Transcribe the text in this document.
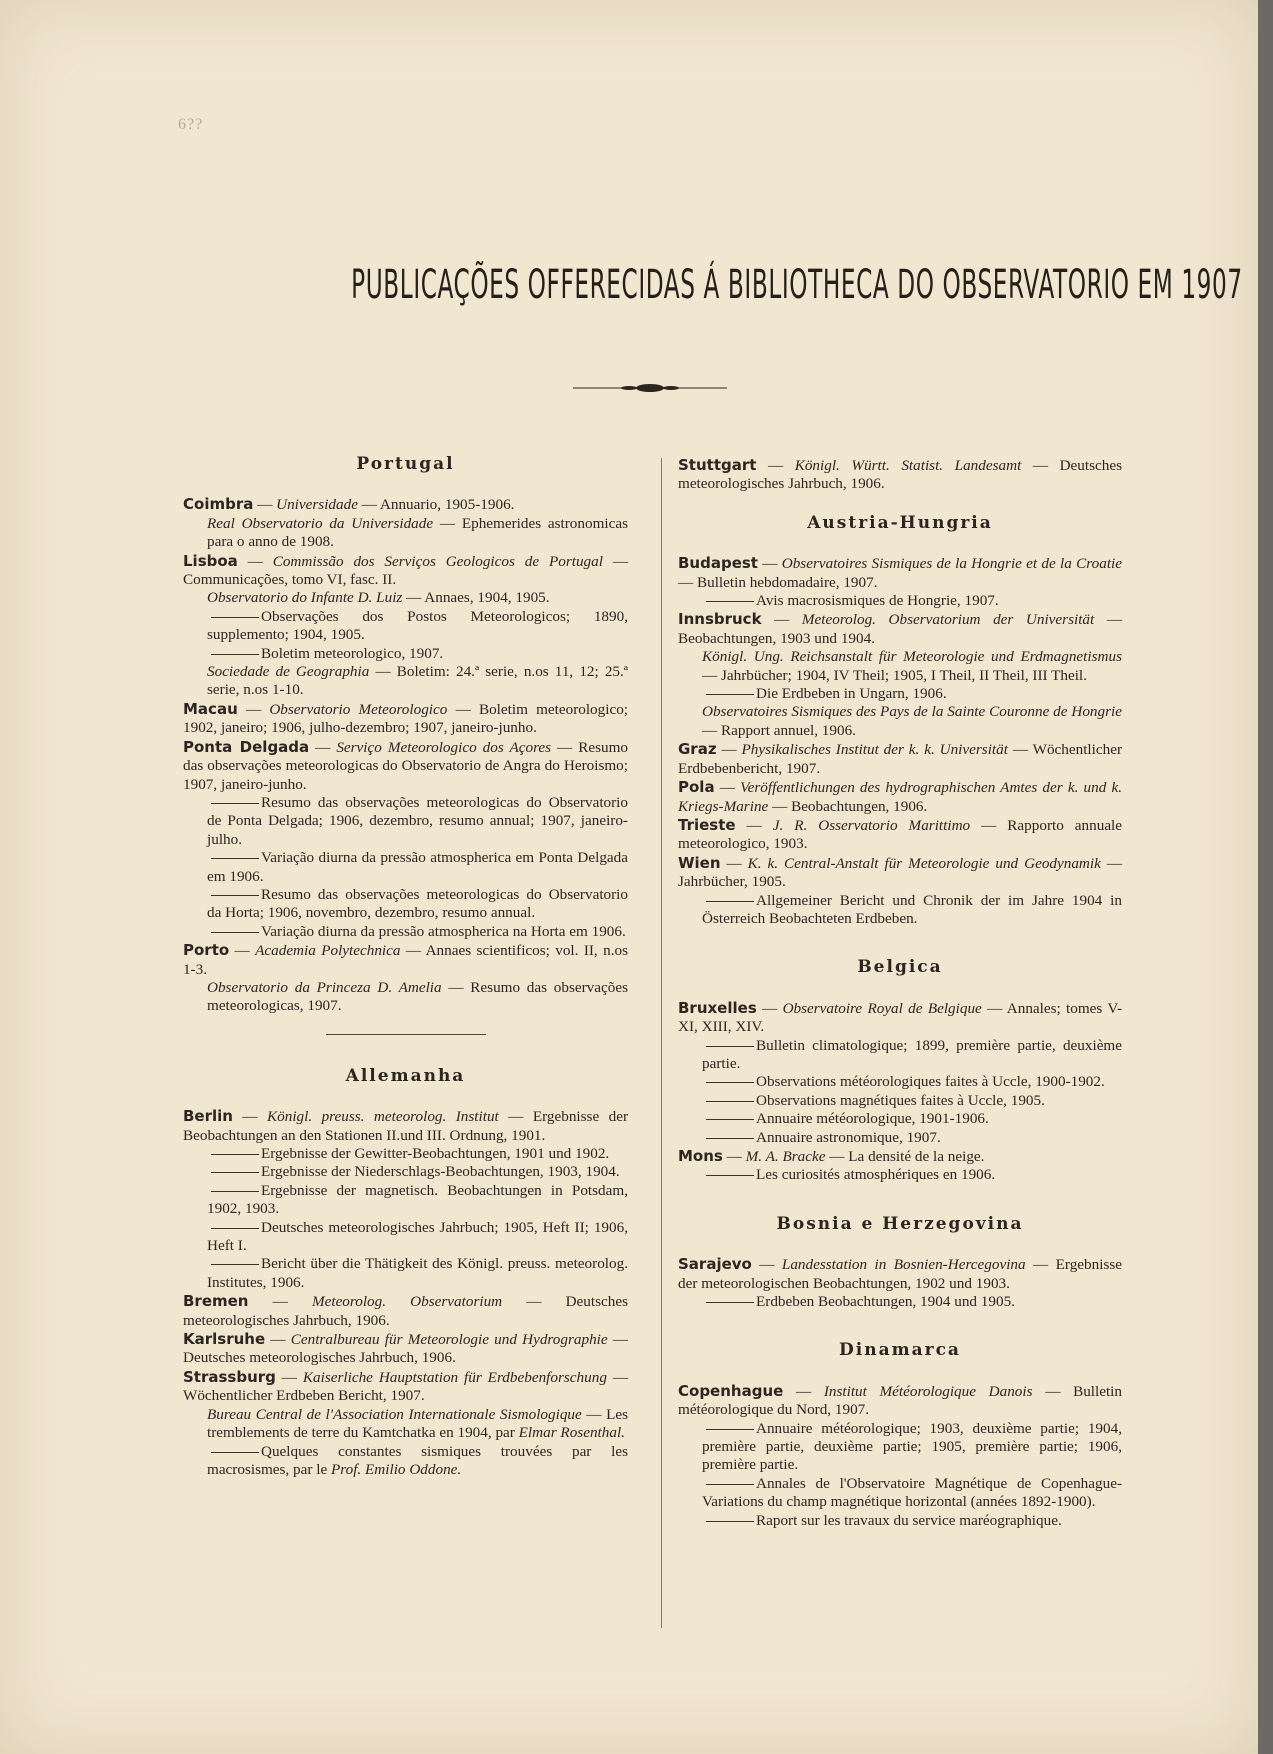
6??
PUBLICAÇÕES OFFERECIDAS Á BIBLIOTHECA DO OBSERVATORIO EM 1907
Portugal

Coimbra — Universidade — Annuario, 1905-1906.

Real Observatorio da Universidade — Ephemerides astronomicas para o anno de 1908.

Lisboa — Commissão dos Serviços Geologicos de Portugal — Communicações, tomo VI, fasc. II.

Observatorio do Infante D. Luiz — Annaes, 1904, 1905.

Observações dos Postos Meteorologicos; 1890, supplemento; 1904, 1905.

Boletim meteorologico, 1907.

Sociedade de Geographia — Boletim: 24.ª serie, n.os 11, 12; 25.ª serie, n.os 1-10.

Macau — Observatorio Meteorologico — Boletim meteorologico; 1902, janeiro; 1906, julho-dezembro; 1907, janeiro-junho.

Ponta Delgada — Serviço Meteorologico dos Açores — Resumo das observações meteorologicas do Observatorio de Angra do Heroismo; 1907, janeiro-junho.

Resumo das observações meteorologicas do Observatorio de Ponta Delgada; 1906, dezembro, resumo annual; 1907, janeiro-julho.

Variação diurna da pressão atmospherica em Ponta Delgada em 1906.

Resumo das observações meteorologicas do Observatorio da Horta; 1906, novembro, dezembro, resumo annual.

Variação diurna da pressão atmospherica na Horta em 1906.

Porto — Academia Polytechnica — Annaes scientificos; vol. II, n.os 1-3.

Observatorio da Princeza D. Amelia — Resumo das observações meteorologicas, 1907.

Allemanha

Berlin — Königl. preuss. meteorolog. Institut — Ergebnisse der Beobachtungen an den Stationen II.und III. Ordnung, 1901.

Ergebnisse der Gewitter-Beobachtungen, 1901 und 1902.

Ergebnisse der Niederschlags-Beobachtungen, 1903, 1904.

Ergebnisse der magnetisch. Beobachtungen in Potsdam, 1902, 1903.

Deutsches meteorologisches Jahrbuch; 1905, Heft II; 1906, Heft I.

Bericht über die Thätigkeit des Königl. preuss. meteorolog. Institutes, 1906.

Bremen — Meteorolog. Observatorium — Deutsches meteorologisches Jahrbuch, 1906.

Karlsruhe — Centralbureau für Meteorologie und Hydrographie — Deutsches meteorologisches Jahrbuch, 1906.

Strassburg — Kaiserliche Hauptstation für Erdbebenforschung — Wöchentlicher Erdbeben Bericht, 1907.

Bureau Central de l'Association Internationale Sismologique — Les tremblements de terre du Kamtchatka en 1904, par Elmar Rosenthal.

Quelques constantes sismiques trouvées par les macrosismes, par le Prof. Emilio Oddone.

Stuttgart — Königl. Württ. Statist. Landesamt — Deutsches meteorologisches Jahrbuch, 1906.

Austria-Hungria

Budapest — Observatoires Sismiques de la Hongrie et de la Croatie — Bulletin hebdomadaire, 1907.

Avis macrosismiques de Hongrie, 1907.

Innsbruck — Meteorolog. Observatorium der Universität — Beobachtungen, 1903 und 1904.

Königl. Ung. Reichsanstalt für Meteorologie und Erdmagnetismus — Jahrbücher; 1904, IV Theil; 1905, I Theil, II Theil, III Theil.

Die Erdbeben in Ungarn, 1906.

Observatoires Sismiques des Pays de la Sainte Couronne de Hongrie — Rapport annuel, 1906.

Graz — Physikalisches Institut der k. k. Universität — Wöchentlicher Erdbebenbericht, 1907.

Pola — Veröffentlichungen des hydrographischen Amtes der k. und k. Kriegs-Marine — Beobachtungen, 1906.

Trieste — J. R. Osservatorio Marittimo — Rapporto annuale meteorologico, 1903.

Wien — K. k. Central-Anstalt für Meteorologie und Geodynamik — Jahrbücher, 1905.

Allgemeiner Bericht und Chronik der im Jahre 1904 in Österreich Beobachteten Erdbeben.

Belgica

Bruxelles — Observatoire Royal de Belgique — Annales; tomes V-XI, XIII, XIV.

Bulletin climatologique; 1899, première partie, deuxième partie.

Observations météorologiques faites à Uccle, 1900-1902.

Observations magnétiques faites à Uccle, 1905.

Annuaire météorologique, 1901-1906.

Annuaire astronomique, 1907.

Mons — M. A. Bracke — La densité de la neige.

Les curiosités atmosphériques en 1906.

Bosnia e Herzegovina

Sarajevo — Landesstation in Bosnien-Hercegovina — Ergebnisse der meteorologischen Beobachtungen, 1902 und 1903.

Erdbeben Beobachtungen, 1904 und 1905.

Dinamarca

Copenhague — Institut Météorologique Danois — Bulletin météorologique du Nord, 1907.

Annuaire météorologique; 1903, deuxième partie; 1904, première partie, deuxième partie; 1905, première partie; 1906, première partie.

Annales de l'Observatoire Magnétique de Copenhague-Variations du champ magnétique horizontal (années 1892-1900).

Raport sur les travaux du service maréographique.
